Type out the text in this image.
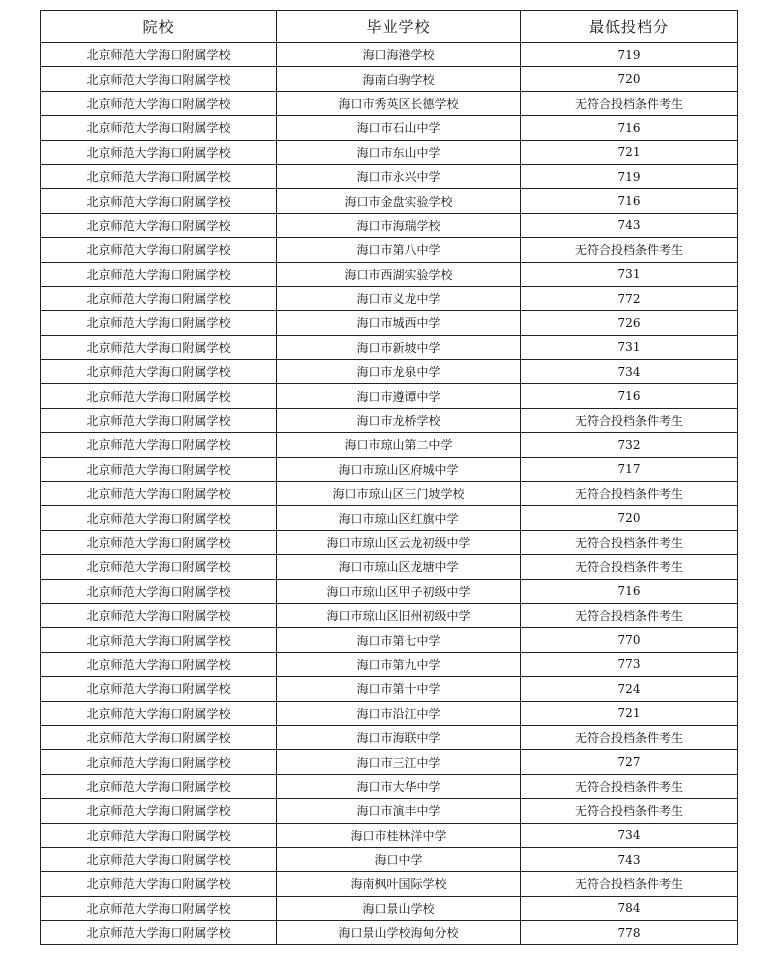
院校	毕业学校	最低投档分
北京师范大学海口附属学校	海口海港学校	719
北京师范大学海口附属学校	海南白驹学校	720
北京师范大学海口附属学校	海口市秀英区长德学校	无符合投档条件考生
北京师范大学海口附属学校	海口市石山中学	716
北京师范大学海口附属学校	海口市东山中学	721
北京师范大学海口附属学校	海口市永兴中学	719
北京师范大学海口附属学校	海口市金盘实验学校	716
北京师范大学海口附属学校	海口市海瑞学校	743
北京师范大学海口附属学校	海口市第八中学	无符合投档条件考生
北京师范大学海口附属学校	海口市西湖实验学校	731
北京师范大学海口附属学校	海口市义龙中学	772
北京师范大学海口附属学校	海口市城西中学	726
北京师范大学海口附属学校	海口市新坡中学	731
北京师范大学海口附属学校	海口市龙泉中学	734
北京师范大学海口附属学校	海口市遵谭中学	716
北京师范大学海口附属学校	海口市龙桥学校	无符合投档条件考生
北京师范大学海口附属学校	海口市琼山第二中学	732
北京师范大学海口附属学校	海口市琼山区府城中学	717
北京师范大学海口附属学校	海口市琼山区三门坡学校	无符合投档条件考生
北京师范大学海口附属学校	海口市琼山区红旗中学	720
北京师范大学海口附属学校	海口市琼山区云龙初级中学	无符合投档条件考生
北京师范大学海口附属学校	海口市琼山区龙塘中学	无符合投档条件考生
北京师范大学海口附属学校	海口市琼山区甲子初级中学	716
北京师范大学海口附属学校	海口市琼山区旧州初级中学	无符合投档条件考生
北京师范大学海口附属学校	海口市第七中学	770
北京师范大学海口附属学校	海口市第九中学	773
北京师范大学海口附属学校	海口市第十中学	724
北京师范大学海口附属学校	海口市沿江中学	721
北京师范大学海口附属学校	海口市海联中学	无符合投档条件考生
北京师范大学海口附属学校	海口市三江中学	727
北京师范大学海口附属学校	海口市大华中学	无符合投档条件考生
北京师范大学海口附属学校	海口市演丰中学	无符合投档条件考生
北京师范大学海口附属学校	海口市桂林洋中学	734
北京师范大学海口附属学校	海口中学	743
北京师范大学海口附属学校	海南枫叶国际学校	无符合投档条件考生
北京师范大学海口附属学校	海口景山学校	784
北京师范大学海口附属学校	海口景山学校海甸分校	778
